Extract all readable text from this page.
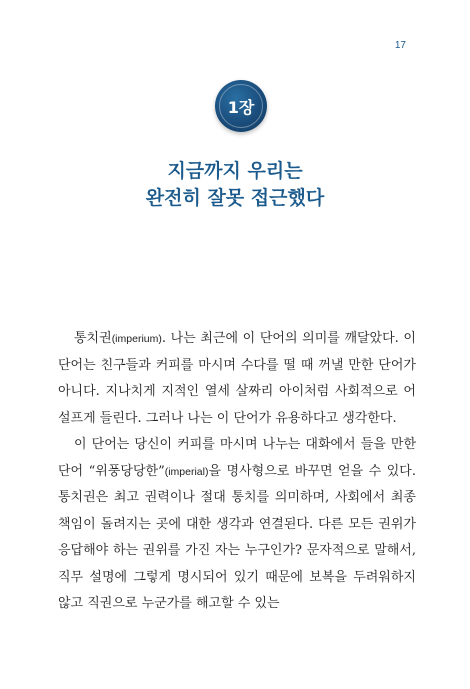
17
1장
지금까지 우리는
완전히 잘못 접근했다

통치권(imperium). 나는 최근에 이 단어의 의미를 깨달았다. 이 단어는 친구들과 커피를 마시며 수다를 떨 때 꺼낼 만한 단어가 아니다. 지나치게 지적인 열세 살짜리 아이처럼 사회적으로 어설프게 들린다. 그러나 나는 이 단어가 유용하다고 생각한다.

이 단어는 당신이 커피를 마시며 나누는 대화에서 들을 만한 단어 “위풍당당한”(imperial)을 명사형으로 바꾸면 얻을 수 있다. 통치권은 최고 권력이나 절대 통치를 의미하며, 사회에서 최종 책임이 돌려지는 곳에 대한 생각과 연결된다. 다른 모든 권위가 응답해야 하는 권위를 가진 자는 누구인가? 문자적으로 말해서, 직무 설명에 그렇게 명시되어 있기 때문에 보복을 두려워하지 않고 직권으로 누군가를 해고할 수 있는
